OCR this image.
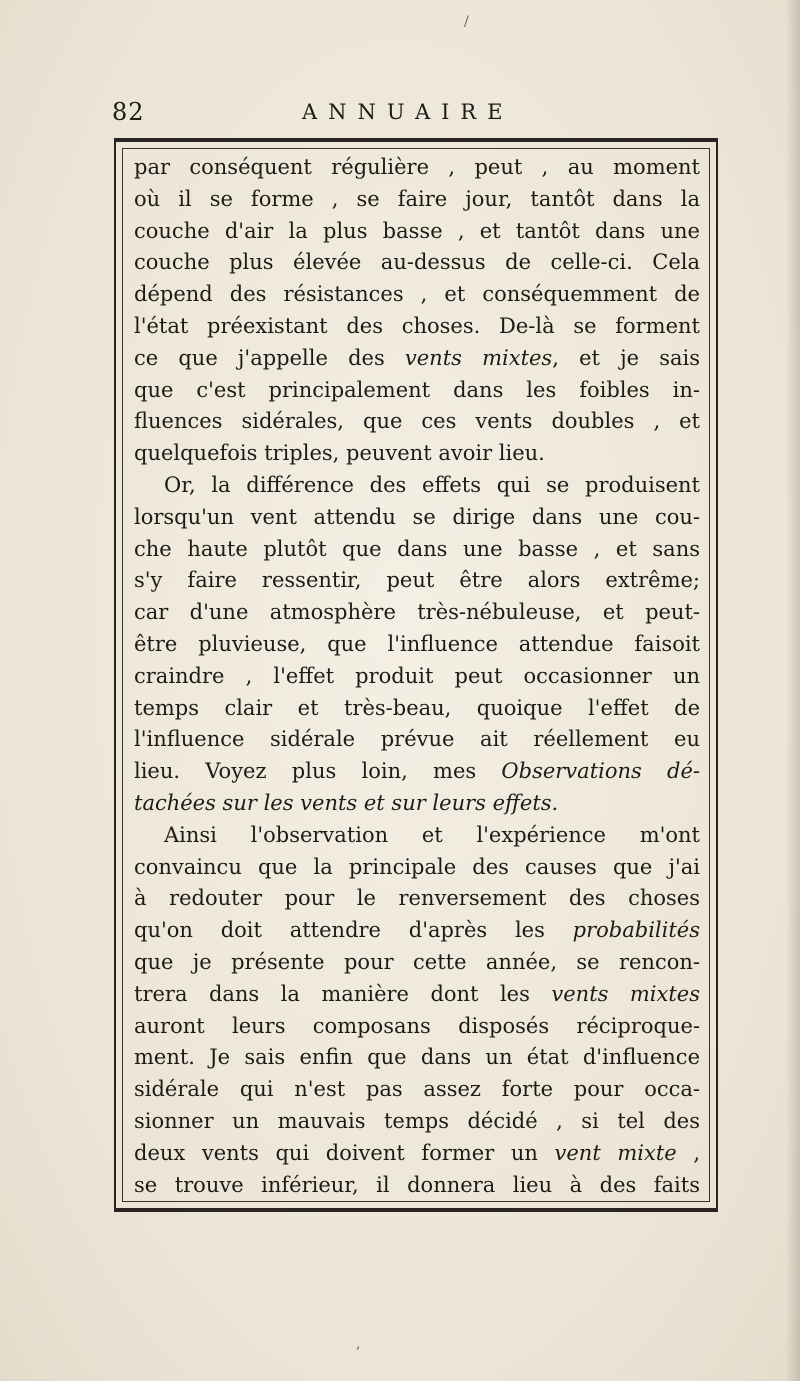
82	ANNUAIRE
par conséquent régulière , peut , au moment
où il se forme , se faire jour, tantôt dans la
couche d'air la plus basse , et tantôt dans une
couche plus élevée au-dessus de celle-ci. Cela
dépend des résistances , et conséquemment de
l'état préexistant des choses. De-là se forment
ce que j'appelle des vents mixtes, et je sais
que c'est principalement dans les foibles in-
fluences sidérales, que ces vents doubles , et
quelquefois triples, peuvent avoir lieu.
Or, la différence des effets qui se produisent
lorsqu'un vent attendu se dirige dans une cou-
che haute plutôt que dans une basse , et sans
s'y faire ressentir, peut être alors extrême;
car d'une atmosphère très-nébuleuse, et peut-
être pluvieuse, que l'influence attendue faisoit
craindre , l'effet produit peut occasionner un
temps clair et très-beau, quoique l'effet de
l'influence sidérale prévue ait réellement eu
lieu. Voyez plus loin, mes Observations dé-
tachées sur les vents et sur leurs effets.
Ainsi l'observation et l'expérience m'ont
convaincu que la principale des causes que j'ai
à redouter pour le renversement des choses
qu'on doit attendre d'après les probabilités
que je présente pour cette année, se rencon-
trera dans la manière dont les vents mixtes
auront leurs composans disposés réciproque-
ment. Je sais enfin que dans un état d'influence
sidérale qui n'est pas assez forte pour occa-
sionner un mauvais temps décidé , si tel des
deux vents qui doivent former un vent mixte ,
se trouve inférieur, il donnera lieu à des faits
/
,
